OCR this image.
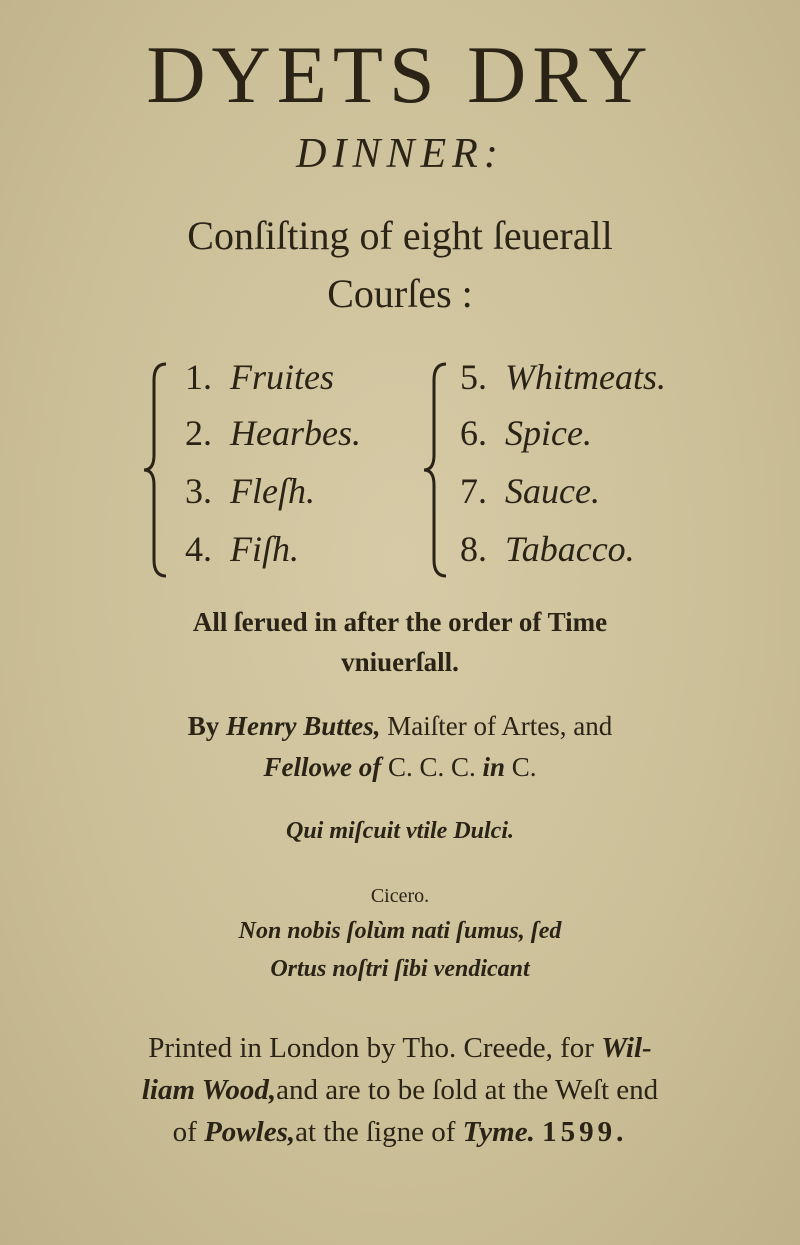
DYETS DRY
DINNER:
Conſiſting of eight ſeuerall
Courſes :
1. Fruites
2. Hearbes.
3. Fleſh.
4. Fiſh.
5. Whitmeats.
6. Spice.
7. Sauce.
8. Tabacco.
All ſerued in after the order of Time
vniuerſall.
By Henry Buttes, Maiſter of Artes, and
Fellowe of C. C. C. in C.
Qui miſcuit vtile Dulci.
Cicero.
Non nobis ſolùm nati ſumus, ſed
Ortus noſtri ſibi vendicant
Printed in London by Tho. Creede, for Wil-
liam Wood,and are to be ſold at the Weſt end
of Powles,at the ſigne of Tyme. 1599.
